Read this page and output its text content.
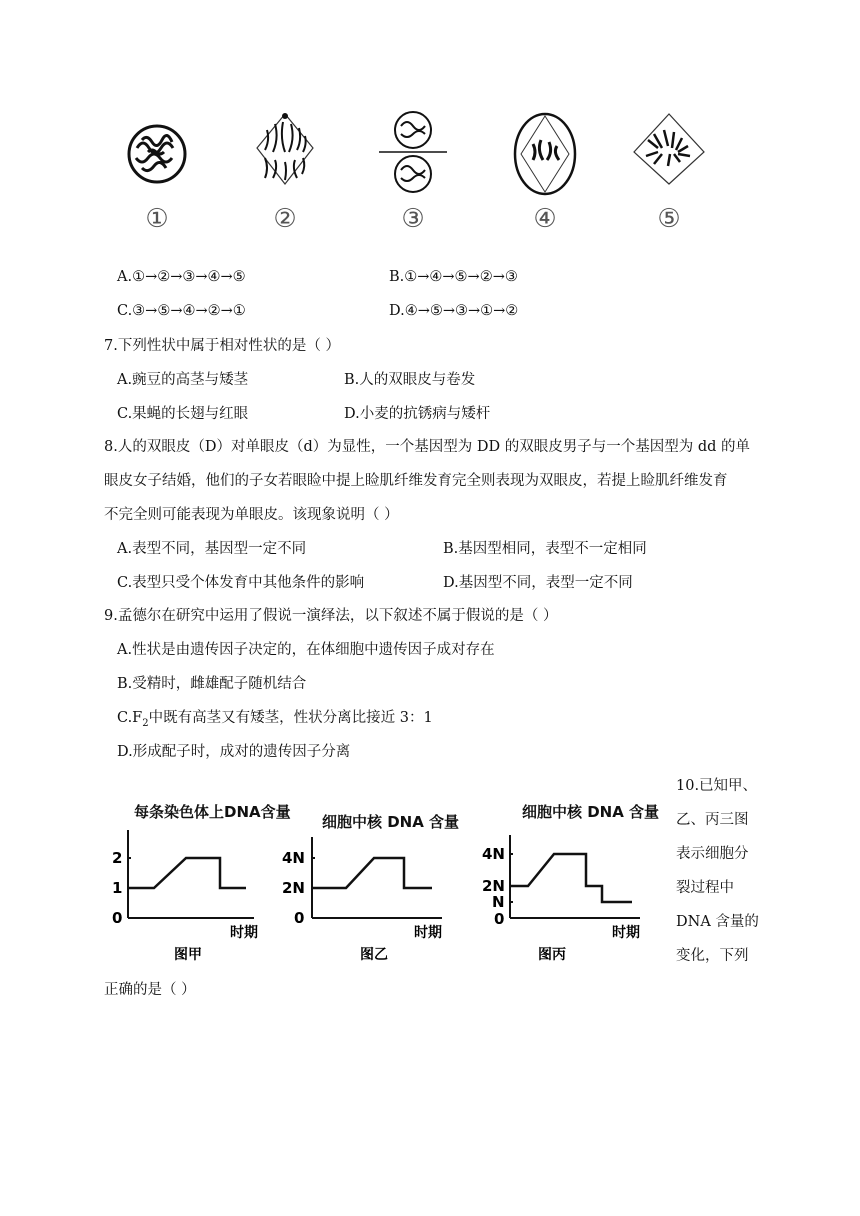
①	②	③	④	⑤
A.①→②→③→④→⑤	B.①→④→⑤→②→③
C.③→⑤→④→②→①	D.④→⑤→③→①→②
7.下列性状中属于相对性状的是（ ）
A.豌豆的高茎与矮茎	B.人的双眼皮与卷发
C.果蝇的长翅与红眼	D.小麦的抗锈病与矮杆
8.人的双眼皮（D）对单眼皮（d）为显性，一个基因型为 DD 的双眼皮男子与一个基因型为 dd 的单
眼皮女子结婚，他们的子女若眼睑中提上睑肌纤维发育完全则表现为双眼皮，若提上睑肌纤维发育
不完全则可能表现为单眼皮。该现象说明（ ）
A.表型不同，基因型一定不同	B.基因型相同，表型不一定相同
C.表型只受个体发育中其他条件的影响	D.基因型不同，表型一定不同
9.孟德尔在研究中运用了假说一演绎法，以下叙述不属于假说的是（ ）
A.性状是由遗传因子决定的，在体细胞中遗传因子成对存在
B.受精时，雌雄配子随机结合
$C.F_2$中既有高茎又有矮茎，性状分离比接近 3：1
D.形成配子时，成对的遗传因子分离
10.已知甲、
乙、丙三图
表示细胞分
裂过程中
DNA 含量的
变化，下列
正确的是（ ）
每条染色体上DNA含量
2
1
0
时期
图甲
细胞中核 DNA 含量
4N
2N
0
时期
图乙
细胞中核 DNA 含量
4N
2N
N
0
时期
图丙
